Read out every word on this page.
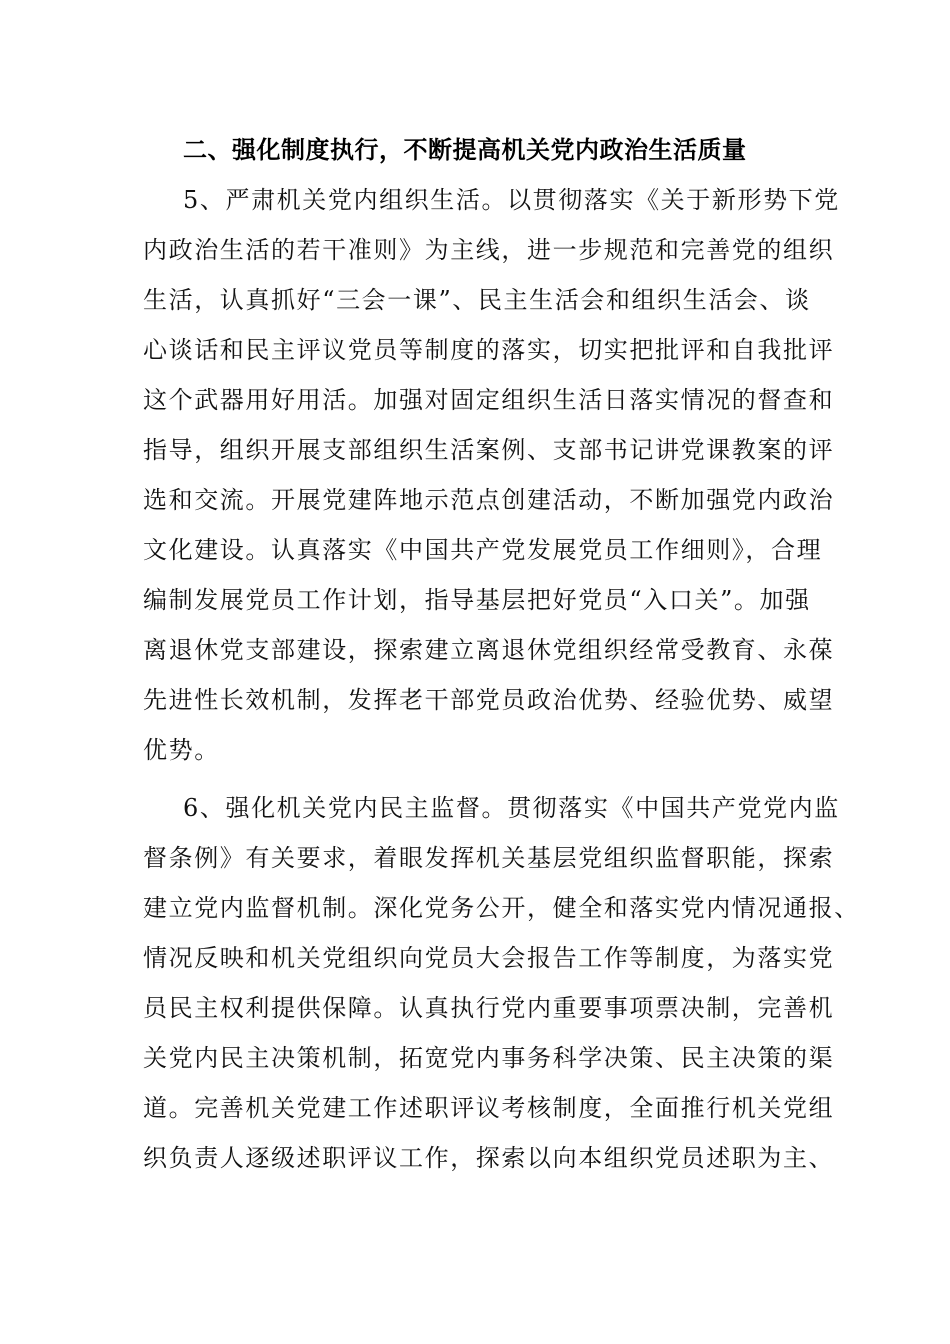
二、强化制度执行，不断提高机关党内政治生活质量
5、严肃机关党内组织生活。以贯彻落实《关于新形势下党
内政治生活的若干准则》为主线，进一步规范和完善党的组织
生活，认真抓好“三会一课”、民主生活会和组织生活会、谈
心谈话和民主评议党员等制度的落实，切实把批评和自我批评
这个武器用好用活。加强对固定组织生活日落实情况的督查和
指导，组织开展支部组织生活案例、支部书记讲党课教案的评
选和交流。开展党建阵地示范点创建活动，不断加强党内政治
文化建设。认真落实《中国共产党发展党员工作细则》，合理
编制发展党员工作计划，指导基层把好党员“入口关”。加强
离退休党支部建设，探索建立离退休党组织经常受教育、永葆
先进性长效机制，发挥老干部党员政治优势、经验优势、威望
优势。
6、强化机关党内民主监督。贯彻落实《中国共产党党内监
督条例》有关要求，着眼发挥机关基层党组织监督职能，探索
建立党内监督机制。深化党务公开，健全和落实党内情况通报、
情况反映和机关党组织向党员大会报告工作等制度，为落实党
员民主权利提供保障。认真执行党内重要事项票决制，完善机
关党内民主决策机制，拓宽党内事务科学决策、民主决策的渠
道。完善机关党建工作述职评议考核制度，全面推行机关党组
织负责人逐级述职评议工作，探索以向本组织党员述职为主、
